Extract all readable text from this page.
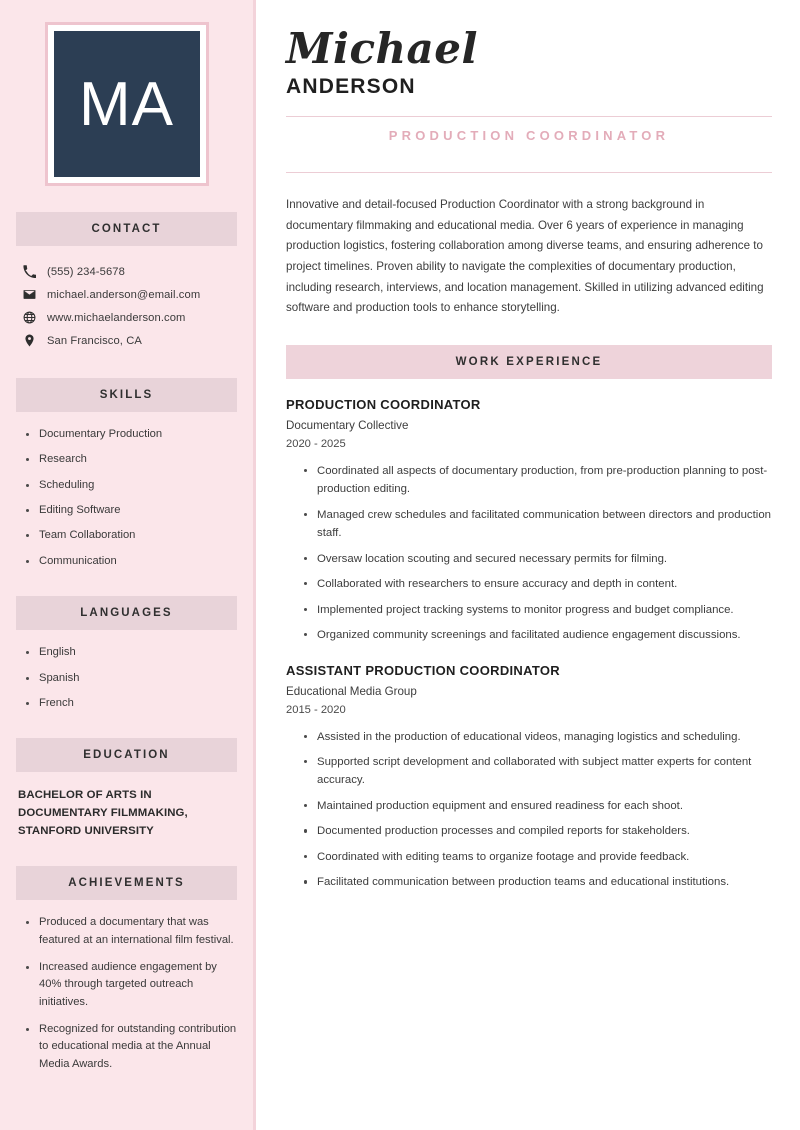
MA
CONTACT
(555) 234-5678
michael.anderson@email.com
www.michaelanderson.com
San Francisco, CA
SKILLS
Documentary Production
Research
Scheduling
Editing Software
Team Collaboration
Communication
LANGUAGES
English
Spanish
French
EDUCATION
BACHELOR OF ARTS IN DOCUMENTARY FILMMAKING, STANFORD UNIVERSITY
ACHIEVEMENTS
Produced a documentary that was featured at an international film festival.
Increased audience engagement by 40% through targeted outreach initiatives.
Recognized for outstanding contribution to educational media at the Annual Media Awards.
Michael
ANDERSON
PRODUCTION COORDINATOR

Innovative and detail-focused Production Coordinator with a strong background in documentary filmmaking and educational media. Over 6 years of experience in managing production logistics, fostering collaboration among diverse teams, and ensuring adherence to project timelines. Proven ability to navigate the complexities of documentary production, including research, interviews, and location management. Skilled in utilizing advanced editing software and production tools to enhance storytelling.

WORK EXPERIENCE
PRODUCTION COORDINATOR
Documentary Collective
2020 - 2025
Coordinated all aspects of documentary production, from pre-production planning to post-production editing.
Managed crew schedules and facilitated communication between directors and production staff.
Oversaw location scouting and secured necessary permits for filming.
Collaborated with researchers to ensure accuracy and depth in content.
Implemented project tracking systems to monitor progress and budget compliance.
Organized community screenings and facilitated audience engagement discussions.
ASSISTANT PRODUCTION COORDINATOR
Educational Media Group
2015 - 2020
Assisted in the production of educational videos, managing logistics and scheduling.
Supported script development and collaborated with subject matter experts for content accuracy.
Maintained production equipment and ensured readiness for each shoot.
Documented production processes and compiled reports for stakeholders.
Coordinated with editing teams to organize footage and provide feedback.
Facilitated communication between production teams and educational institutions.
